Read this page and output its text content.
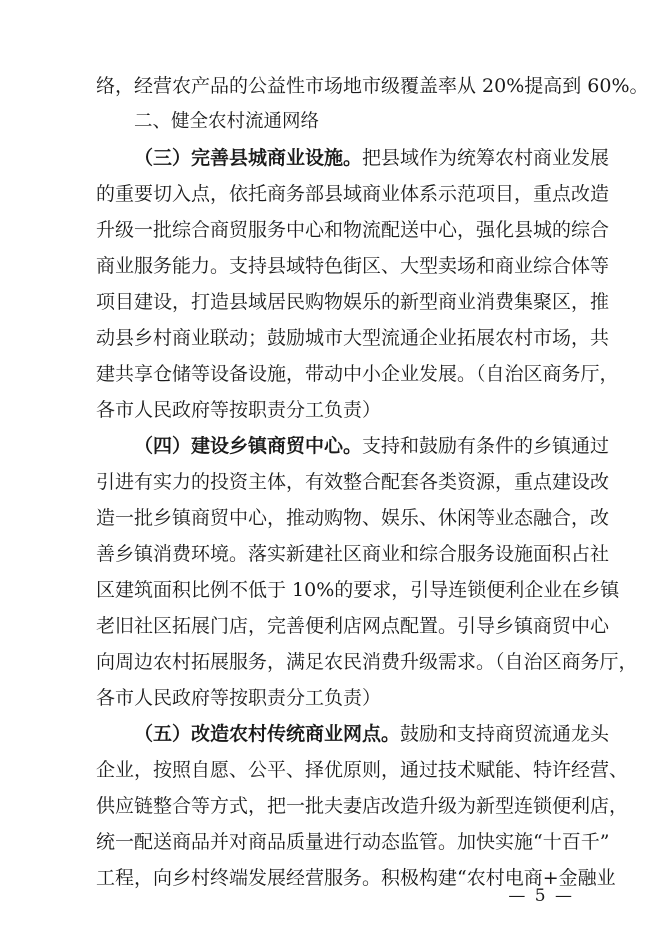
络，经营农产品的公益性市场地市级覆盖率从 20%提高到 60%。
二、健全农村流通网络
（三）完善县城商业设施。把县域作为统筹农村商业发展
的重要切入点，依托商务部县域商业体系示范项目，重点改造
升级一批综合商贸服务中心和物流配送中心，强化县城的综合
商业服务能力。支持县域特色街区、大型卖场和商业综合体等
项目建设，打造县域居民购物娱乐的新型商业消费集聚区，推
动县乡村商业联动；鼓励城市大型流通企业拓展农村市场，共
建共享仓储等设备设施，带动中小企业发展。（自治区商务厅，
各市人民政府等按职责分工负责）
（四）建设乡镇商贸中心。支持和鼓励有条件的乡镇通过
引进有实力的投资主体，有效整合配套各类资源，重点建设改
造一批乡镇商贸中心，推动购物、娱乐、休闲等业态融合，改
善乡镇消费环境。落实新建社区商业和综合服务设施面积占社
区建筑面积比例不低于 10%的要求，引导连锁便利企业在乡镇
老旧社区拓展门店，完善便利店网点配置。引导乡镇商贸中心
向周边农村拓展服务，满足农民消费升级需求。（自治区商务厅，
各市人民政府等按职责分工负责）
（五）改造农村传统商业网点。鼓励和支持商贸流通龙头
企业，按照自愿、公平、择优原则，通过技术赋能、特许经营、
供应链整合等方式，把一批夫妻店改造升级为新型连锁便利店，
统一配送商品并对商品质量进行动态监管。加快实施“十百千”
工程，向乡村终端发展经营服务。积极构建“农村电商+金融业
— 5 —
